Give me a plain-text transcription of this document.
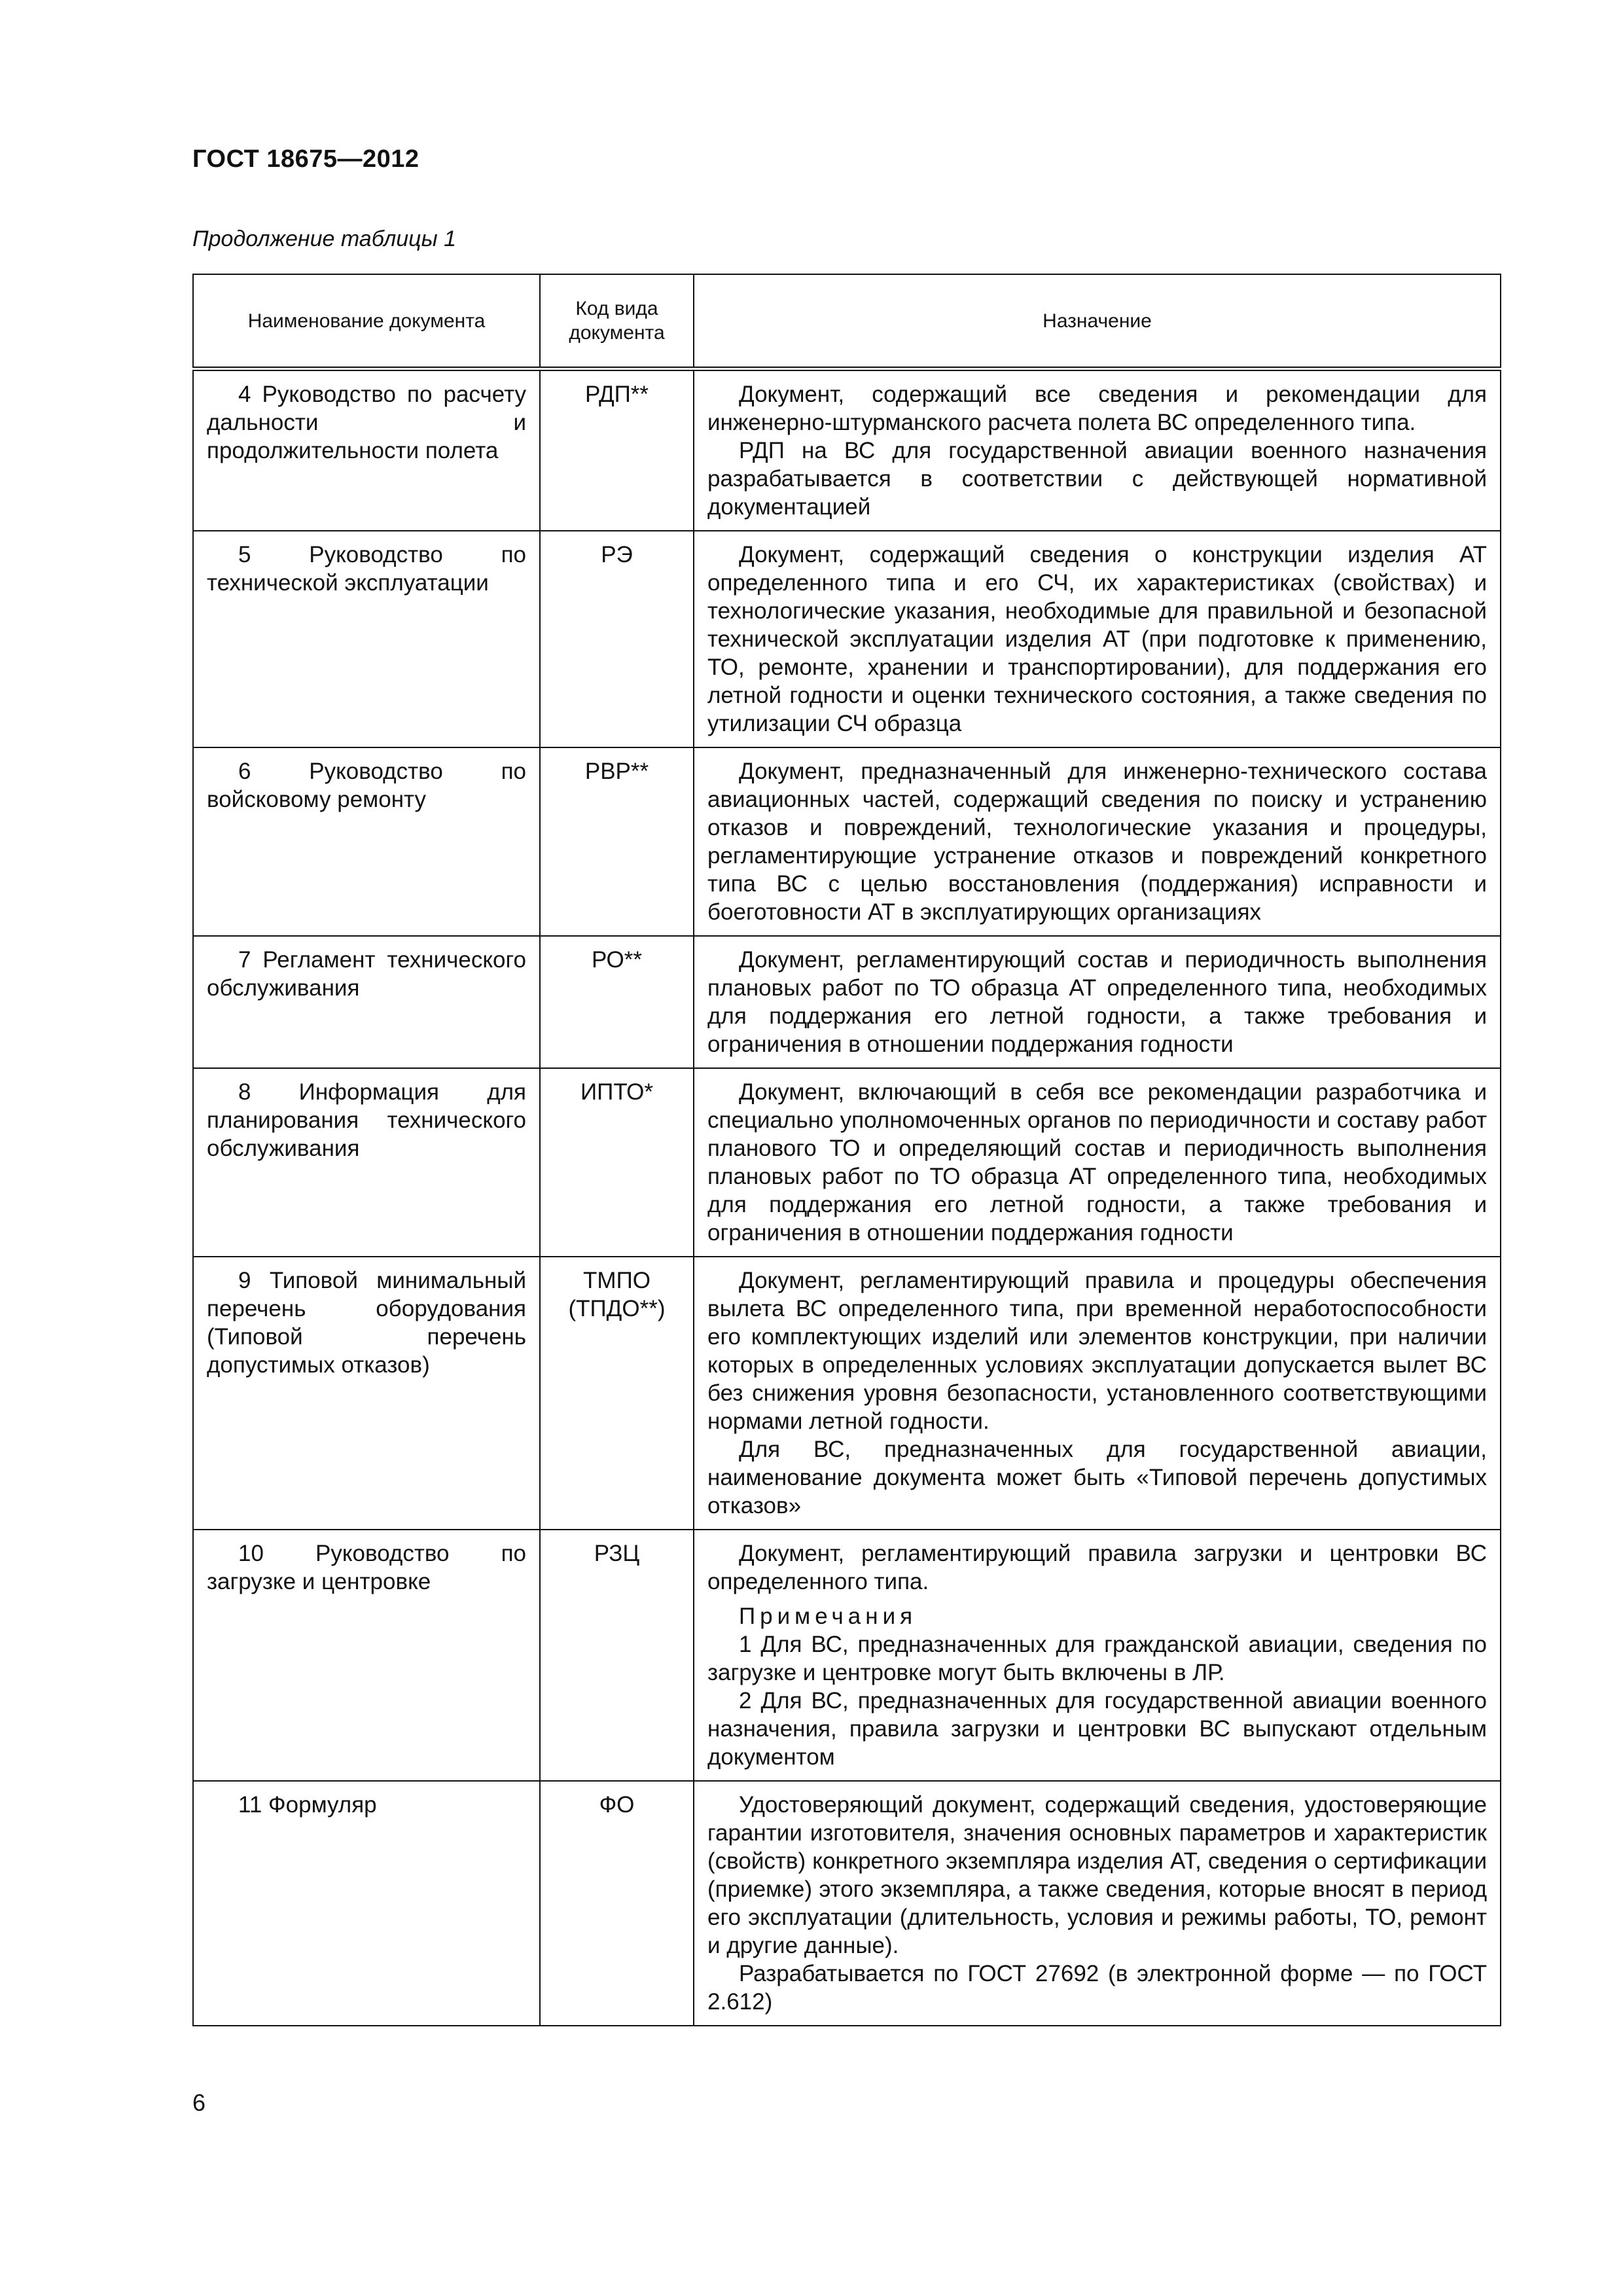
ГОСТ 18675—2012
Продолжение таблицы 1
Наименование документа	Код вида документа	Назначение
4 Руководство по расчету дальности и продолжительности полета	РДП**	Документ, содержащий все сведения и рекомендации для инженерно-штурманского расчета полета ВС определенного типа.

РДП на ВС для государственной авиации военного назначения разрабатывается в соответствии с действующей нормативной документацией

5 Руководство по технической эксплуатации	РЭ	Документ, содержащий сведения о конструкции изделия АТ определенного типа и его СЧ, их характеристиках (свойствах) и технологические указания, необходимые для правильной и безопасной технической эксплуатации изделия АТ (при подготовке к применению, ТО, ремонте, хранении и транспортировании), для поддержания его летной годности и оценки технического состояния, а также сведения по утилизации СЧ образца

6 Руководство по войсковому ремонту	РВР**	Документ, предназначенный для инженерно-технического состава авиационных частей, содержащий сведения по поиску и устранению отказов и повреждений, технологические указания и процедуры, регламентирующие устранение отказов и повреждений конкретного типа ВС с целью восстановления (поддержания) исправности и боеготовности АТ в эксплуатирующих организациях

7 Регламент технического обслуживания	РО**	Документ, регламентирующий состав и периодичность выполнения плановых работ по ТО образца АТ определенного типа, необходимых для поддержания его летной годности, а также требования и ограничения в отношении поддержания годности

8 Информация для планирования технического обслуживания	ИПТО*	Документ, включающий в себя все рекомендации разработчика и специально уполномоченных органов по периодичности и составу работ планового ТО и определяющий состав и периодичность выполнения плановых работ по ТО образца АТ определенного типа, необходимых для поддержания его летной годности, а также требования и ограничения в отношении поддержания годности

9 Типовой минимальный перечень оборудования (Типовой перечень допустимых отказов)	ТМПО (ТПДО**)	Документ, регламентирующий правила и процедуры обеспечения вылета ВС определенного типа, при временной неработоспособности его комплектующих изделий или элементов конструкции, при наличии которых в определенных условиях эксплуатации допускается вылет ВС без снижения уровня безопасности, установленного соответствующими нормами летной годности.

Для ВС, предназначенных для государственной авиации, наименование документа может быть «Типовой перечень допустимых отказов»

10 Руководство по загрузке и центровке	РЗЦ	Документ, регламентирующий правила загрузки и центровки ВС определенного типа.

Примечания

1 Для ВС, предназначенных для гражданской авиации, сведения по загрузке и центровке могут быть включены в ЛР.

2 Для ВС, предназначенных для государственной авиации военного назначения, правила загрузки и центровки ВС выпускают отдельным документом

11 Формуляр	ФО	Удостоверяющий документ, содержащий сведения, удостоверяющие гарантии изготовителя, значения основных параметров и характеристик (свойств) конкретного экземпляра изделия АТ, сведения о сертификации (приемке) этого экземпляра, а также сведения, которые вносят в период его эксплуатации (длительность, условия и режимы работы, ТО, ремонт и другие данные).

Разрабатывается по ГОСТ 27692 (в электронной форме — по ГОСТ 2.612)

6
